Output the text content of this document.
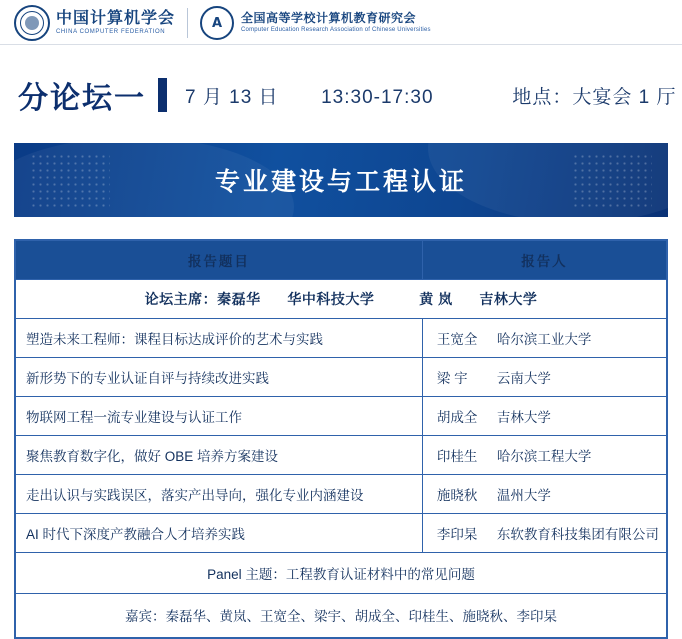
中国计算机学会
CHINA COMPUTER FEDERATION
A 全国高等学校计算机教育研究会
Computer Education Research Association of Chinese Universities
分论坛一 7 月 13 日 13:30-17:30	地点：大宴会 1 厅
专业建设与工程认证
报告题目	报告人
论坛主席：秦磊华 华中科技大学 黄 岚 吉林大学	
塑造未来工程师：课程目标达成评价的艺术与实践	王宽全 哈尔滨工业大学
新形势下的专业认证自评与持续改进实践	梁 宇 云南大学
物联网工程一流专业建设与认证工作	胡成全 吉林大学
聚焦教育数字化，做好 OBE 培养方案建设	印桂生 哈尔滨工程大学
走出认识与实践误区，落实产出导向，强化专业内涵建设	施晓秋 温州大学
AI 时代下深度产教融合人才培养实践	李印杲 东软教育科技集团有限公司
Panel 主题：工程教育认证材料中的常见问题	
嘉宾：秦磊华、黄岚、王宽全、梁宇、胡成全、印桂生、施晓秋、李印杲	
